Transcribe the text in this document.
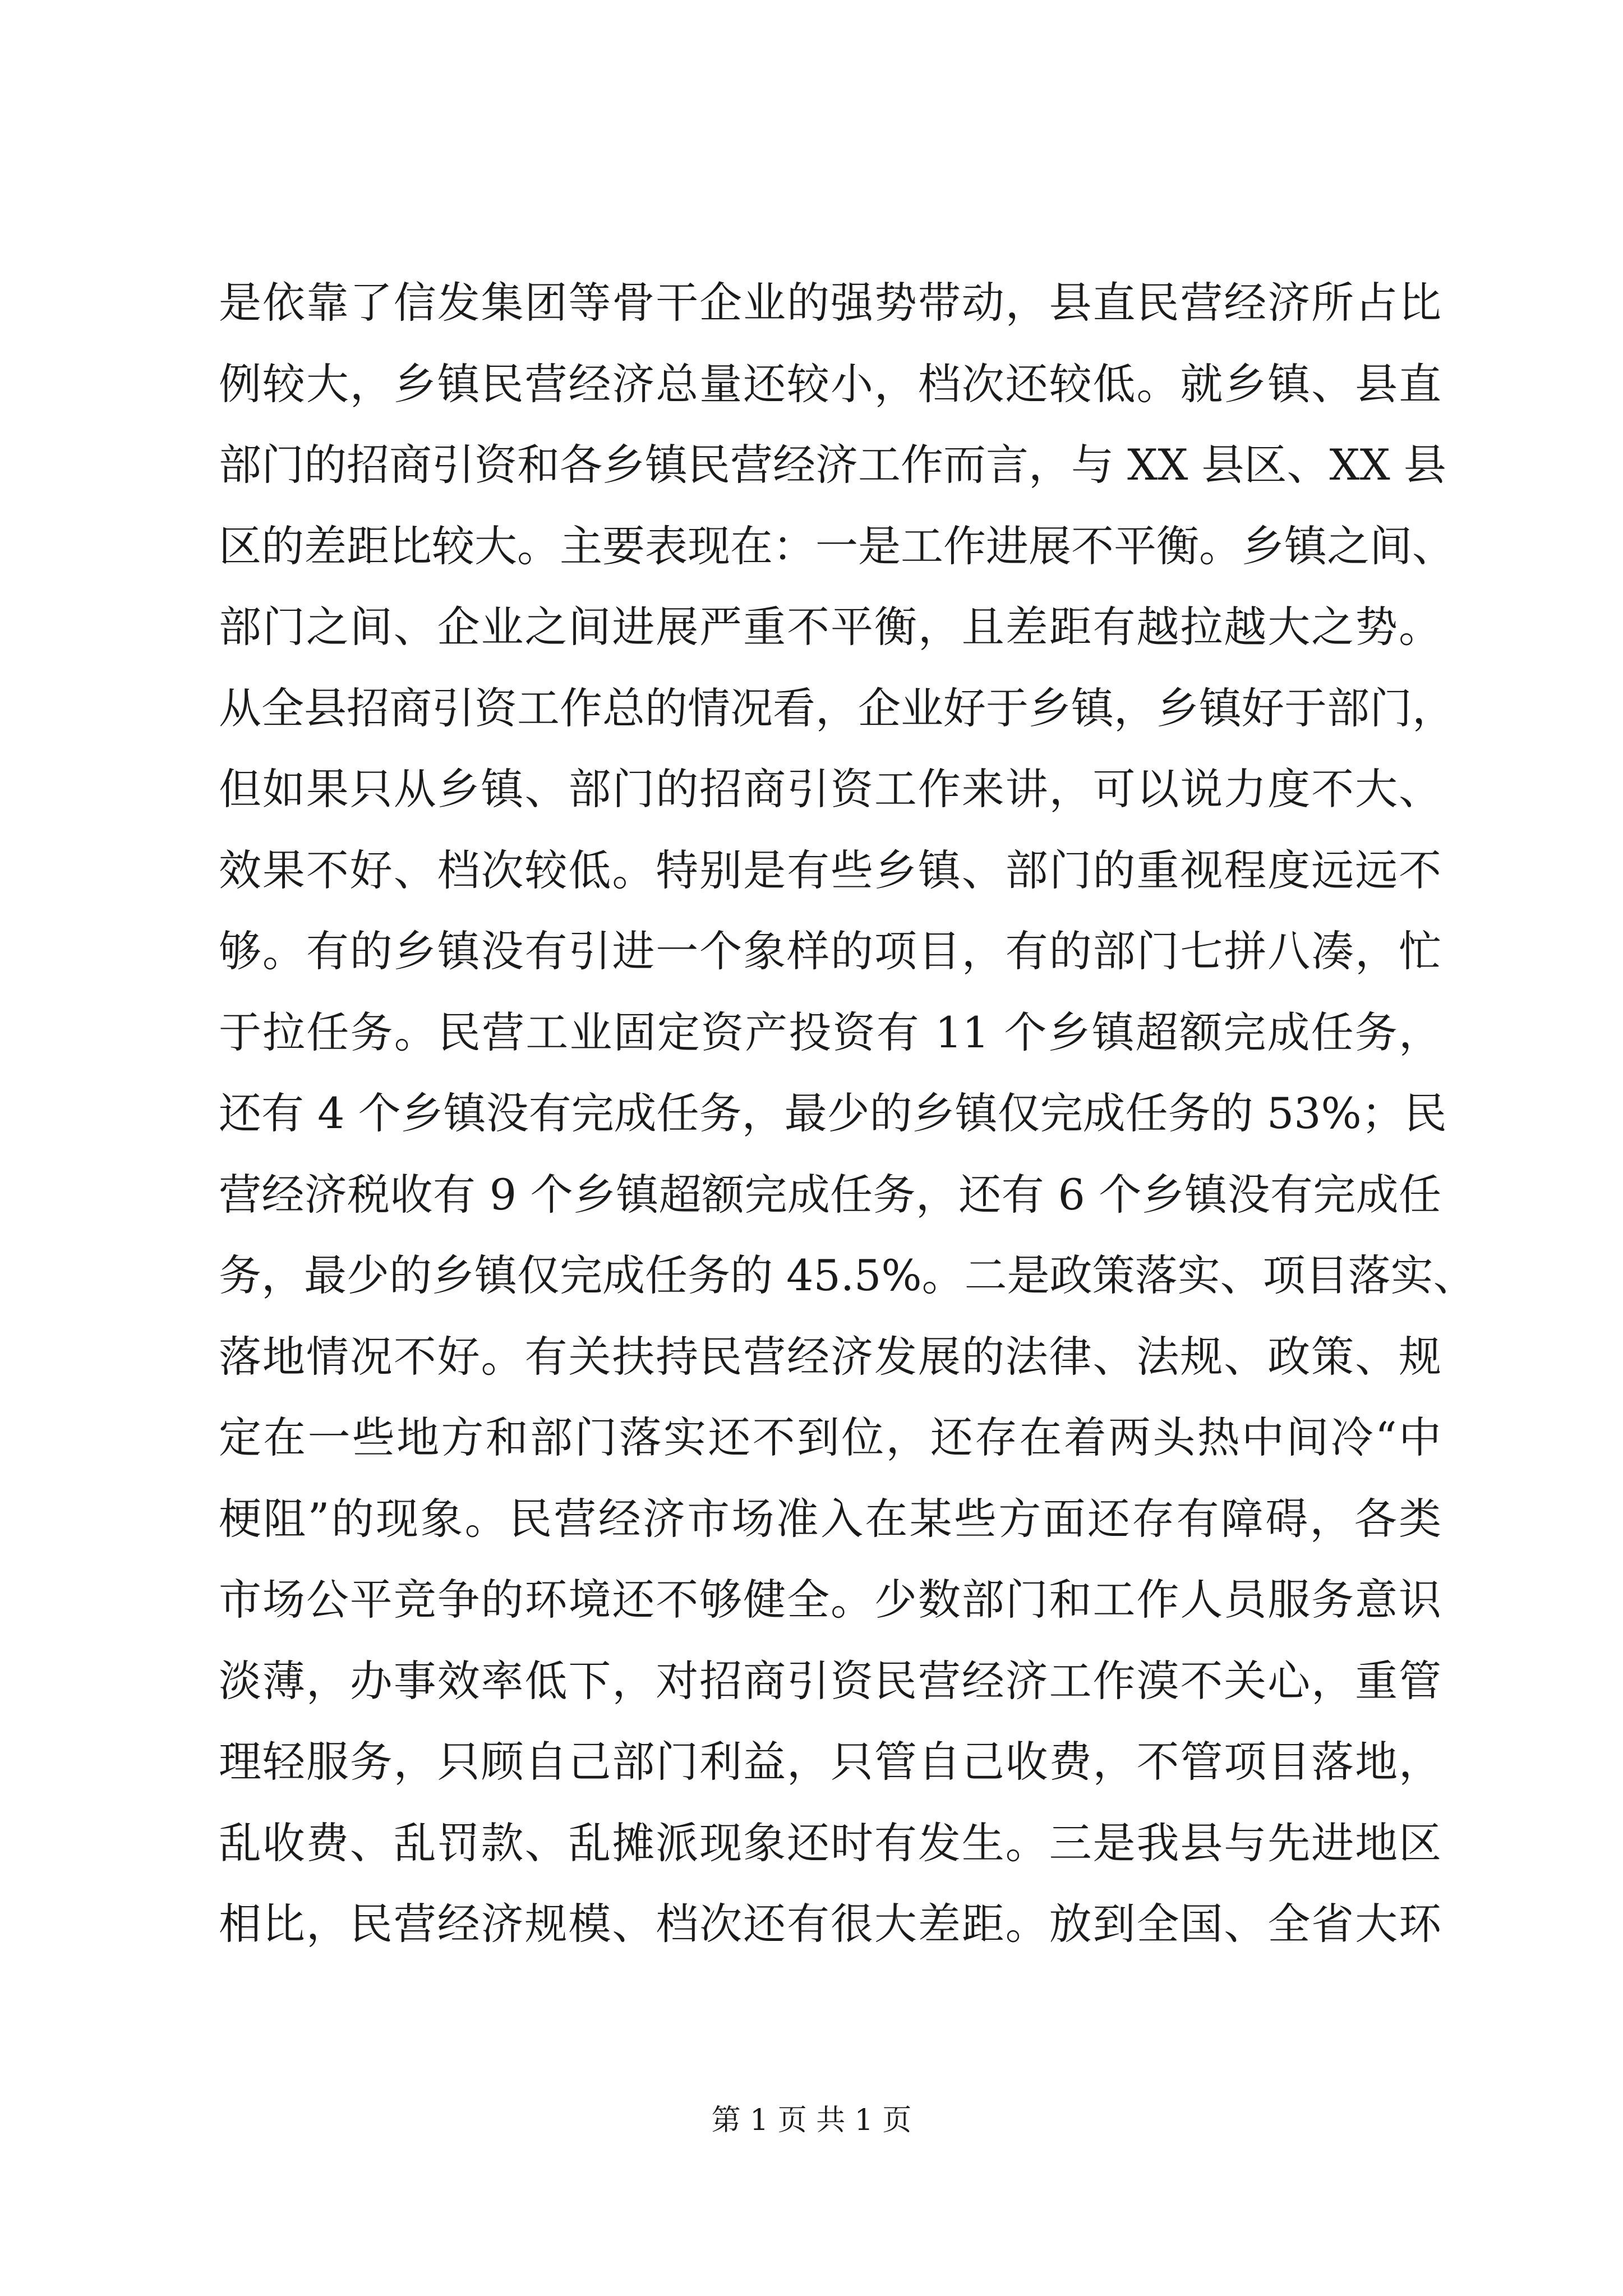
是依靠了信发集团等骨干企业的强势带动，县直民营经济所占比
例较大，乡镇民营经济总量还较小，档次还较低。就乡镇、县直
部门的招商引资和各乡镇民营经济工作而言，与 XX 县区、XX 县
区的差距比较大。主要表现在：一是工作进展不平衡。乡镇之间、
部门之间、企业之间进展严重不平衡，且差距有越拉越大之势。
从全县招商引资工作总的情况看，企业好于乡镇，乡镇好于部门，
但如果只从乡镇、部门的招商引资工作来讲，可以说力度不大、
效果不好、档次较低。特别是有些乡镇、部门的重视程度远远不
够。有的乡镇没有引进一个象样的项目，有的部门七拼八凑，忙
于拉任务。民营工业固定资产投资有 11 个乡镇超额完成任务，
还有 4 个乡镇没有完成任务，最少的乡镇仅完成任务的 53%；民
营经济税收有 9 个乡镇超额完成任务，还有 6 个乡镇没有完成任
务，最少的乡镇仅完成任务的 45.5%。二是政策落实、项目落实、
落地情况不好。有关扶持民营经济发展的法律、法规、政策、规
定在一些地方和部门落实还不到位，还存在着两头热中间冷“中
梗阻”的现象。民营经济市场准入在某些方面还存有障碍，各类
市场公平竞争的环境还不够健全。少数部门和工作人员服务意识
淡薄，办事效率低下，对招商引资民营经济工作漠不关心，重管
理轻服务，只顾自己部门利益，只管自己收费，不管项目落地，
乱收费、乱罚款、乱摊派现象还时有发生。三是我县与先进地区
相比，民营经济规模、档次还有很大差距。放到全国、全省大环
第 1 页 共 1 页
